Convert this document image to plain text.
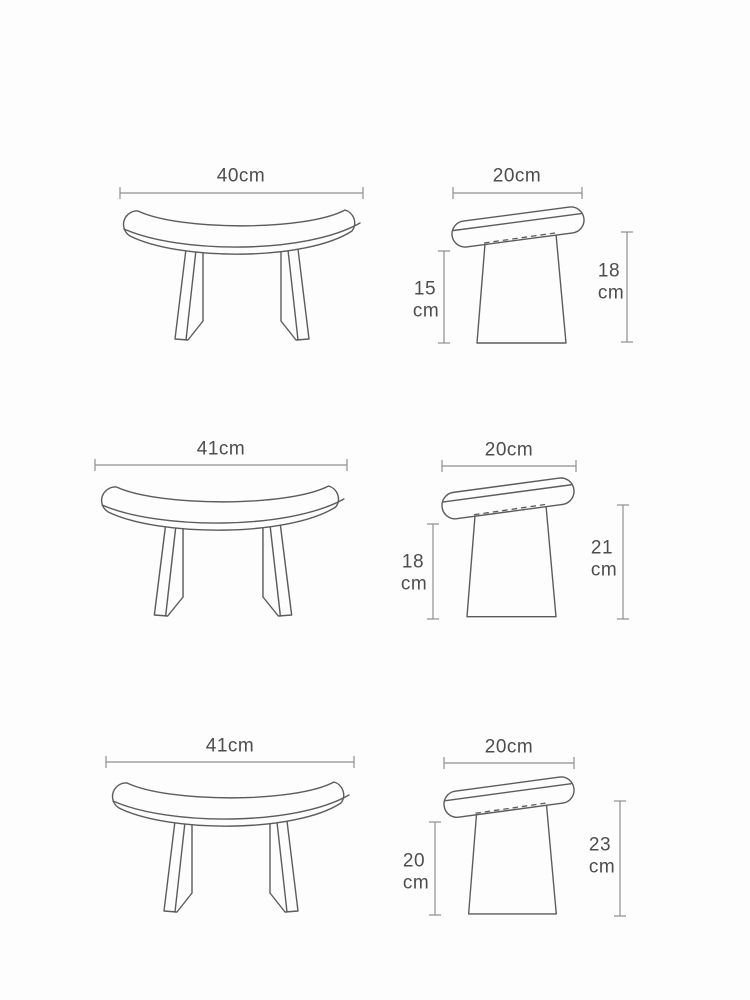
40cm	20cm
15
cm
18
cm
41cm	20cm
18
cm
21
cm
41cm	20cm
20
cm
23
cm
